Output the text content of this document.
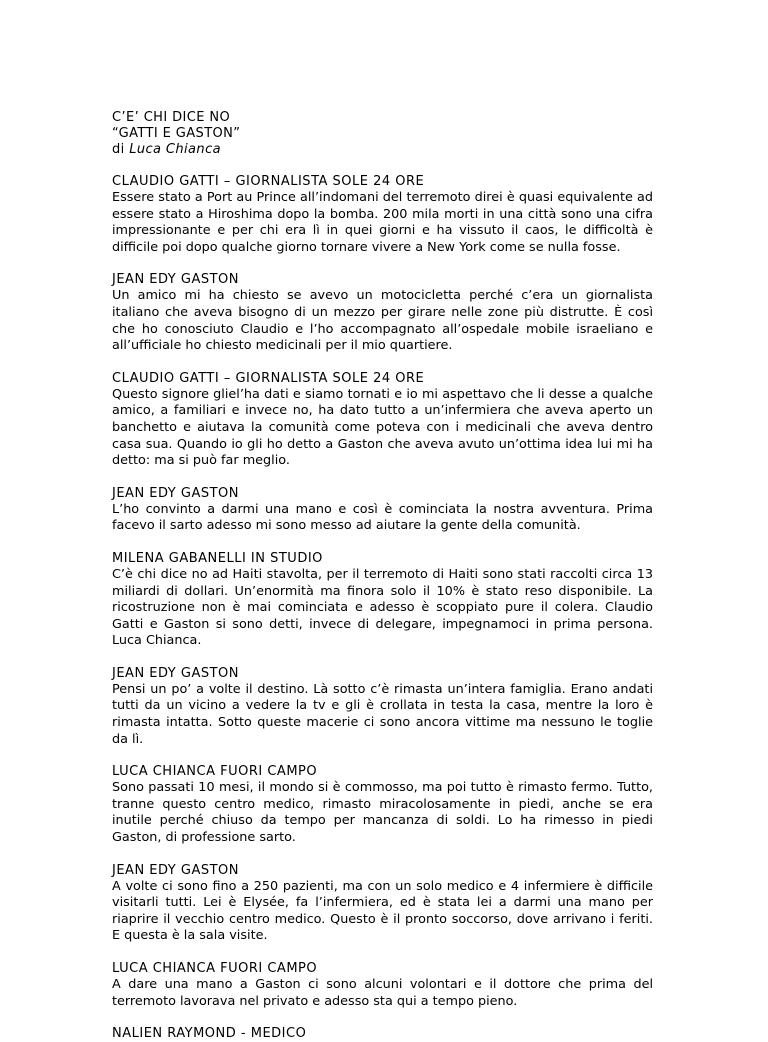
C’E’ CHI DICE NO
“GATTI E GASTON”
di Luca Chianca
CLAUDIO GATTI – GIORNALISTA SOLE 24 ORE

Essere stato a Port au Prince all’indomani del terremoto direi è quasi equivalente ad essere stato a Hiroshima dopo la bomba. 200 mila morti in una città sono una cifra impressionante e per chi era lì in quei giorni e ha vissuto il caos, le difficoltà è difficile poi dopo qualche giorno tornare vivere a New York come se nulla fosse.

JEAN EDY GASTON

Un amico mi ha chiesto se avevo un motocicletta perché c’era un giornalista italiano che aveva bisogno di un mezzo per girare nelle zone più distrutte. È così che ho conosciuto Claudio e l’ho accompagnato all’ospedale mobile israeliano e all’ufficiale ho chiesto medicinali per il mio quartiere.

CLAUDIO GATTI – GIORNALISTA SOLE 24 ORE

Questo signore gliel’ha dati e siamo tornati e io mi aspettavo che li desse a qualche amico, a familiari e invece no, ha dato tutto a un’infermiera che aveva aperto un banchetto e aiutava la comunità come poteva con i medicinali che aveva dentro casa sua. Quando io gli ho detto a Gaston che aveva avuto un’ottima idea lui mi ha detto: ma si può far meglio.

JEAN EDY GASTON

L’ho convinto a darmi una mano e così è cominciata la nostra avventura. Prima facevo il sarto adesso mi sono messo ad aiutare la gente della comunità.

MILENA GABANELLI IN STUDIO

C’è chi dice no ad Haiti stavolta, per il terremoto di Haiti sono stati raccolti circa 13 miliardi di dollari. Un’enormità ma finora solo il 10% è stato reso disponibile. La ricostruzione non è mai cominciata e adesso è scoppiato pure il colera. Claudio Gatti e Gaston si sono detti, invece di delegare, impegnamoci in prima persona. Luca Chianca.

JEAN EDY GASTON

Pensi un po’ a volte il destino. Là sotto c’è rimasta un’intera famiglia. Erano andati tutti da un vicino a vedere la tv e gli è crollata in testa la casa, mentre la loro è rimasta intatta. Sotto queste macerie ci sono ancora vittime ma nessuno le toglie da lì.

LUCA CHIANCA FUORI CAMPO

Sono passati 10 mesi, il mondo si è commosso, ma poi tutto è rimasto fermo. Tutto, tranne questo centro medico, rimasto miracolosamente in piedi, anche se era inutile perché chiuso da tempo per mancanza di soldi. Lo ha rimesso in piedi Gaston, di professione sarto.

JEAN EDY GASTON

A volte ci sono fino a 250 pazienti, ma con un solo medico e 4 infermiere è difficile visitarli tutti. Lei è Elysée, fa l’infermiera, ed è stata lei a darmi una mano per riaprire il vecchio centro medico. Questo è il pronto soccorso, dove arrivano i feriti. E questa è la sala visite.

LUCA CHIANCA FUORI CAMPO

A dare una mano a Gaston ci sono alcuni volontari e il dottore che prima del terremoto lavorava nel privato e adesso sta qui a tempo pieno.

NALIEN RAYMOND - MEDICO
